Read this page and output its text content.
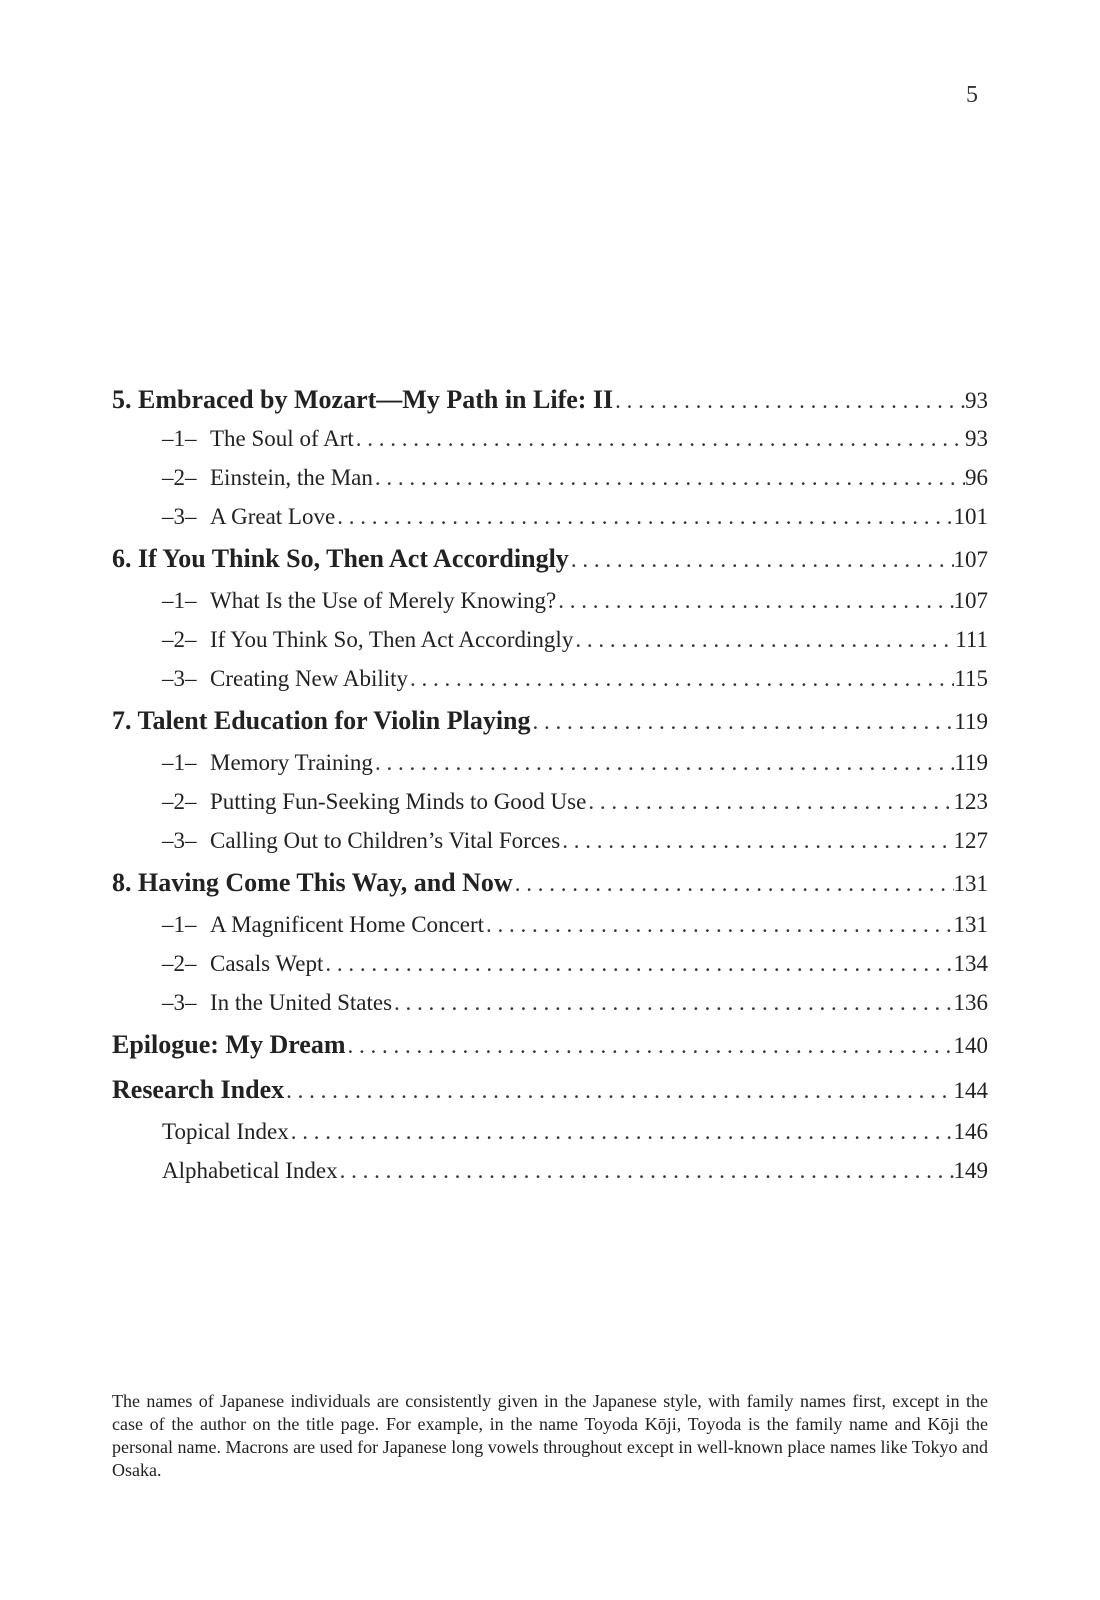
5
5. Embraced by Mozart—My Path in Life: II . . .	93
–1– The Soul of Art . . .	93
–2– Einstein, the Man . . .	96
–3– A Great Love . . .	101
6. If You Think So, Then Act Accordingly . . .	107
–1– What Is the Use of Merely Knowing? . . .	107
–2– If You Think So, Then Act Accordingly . . .	111
–3– Creating New Ability . . .	115
7. Talent Education for Violin Playing . . .	119
–1– Memory Training . . .	119
–2– Putting Fun-Seeking Minds to Good Use . . .	123
–3– Calling Out to Children’s Vital Forces . . .	127
8. Having Come This Way, and Now . . .	131
–1– A Magnificent Home Concert . . .	131
–2– Casals Wept . . .	134
–3– In the United States . . .	136
Epilogue: My Dream . . .	140
Research Index . . .	144
Topical Index . . .	146
Alphabetical Index . . .	149

The names of Japanese individuals are consistently given in the Japanese style, with family names first, except in the case of the author on the title page. For example, in the name Toyoda Kōji, Toyoda is the family name and Kōji the personal name. Macrons are used for Japanese long vowels throughout except in well-known place names like Tokyo and Osaka.
